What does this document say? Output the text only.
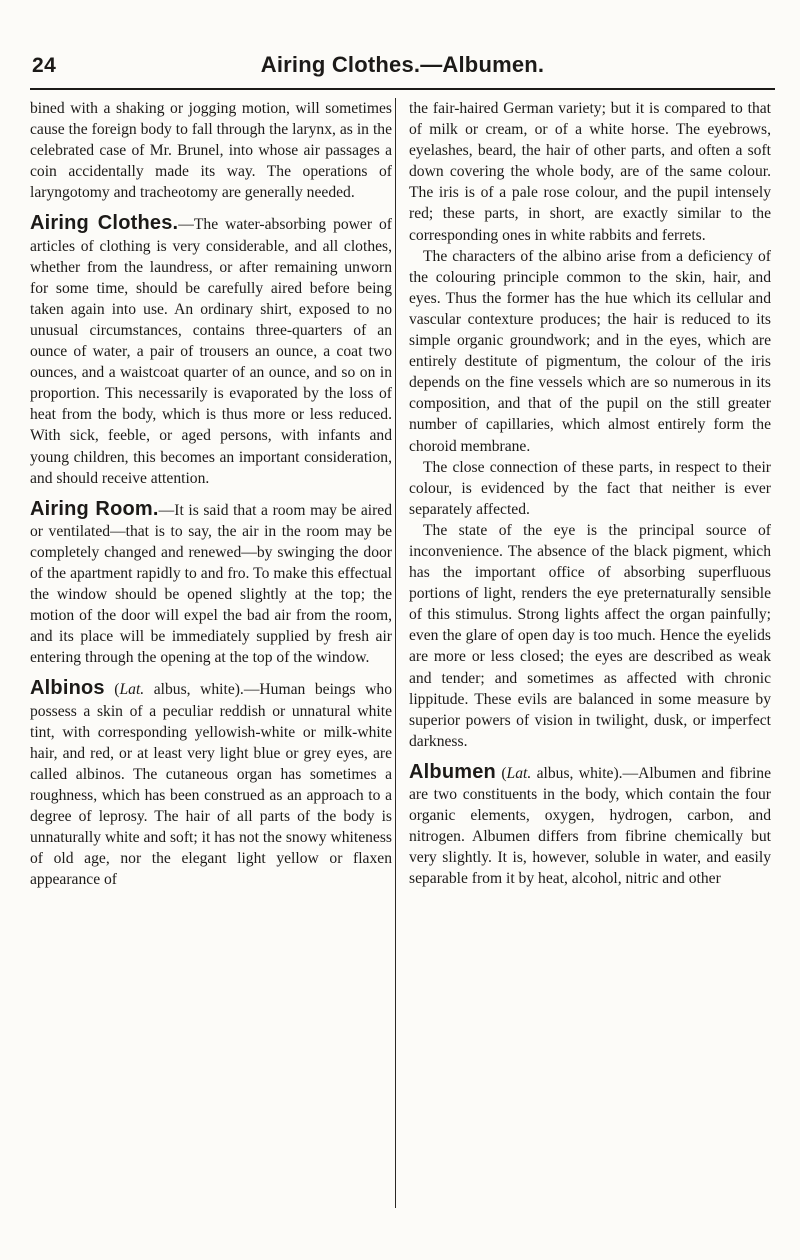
24	Airing Clothes.—Albumen.

bined with a shaking or jogging motion, will sometimes cause the foreign body to fall through the larynx, as in the celebrated case of Mr. Brunel, into whose air passages a coin accidentally made its way. The operations of laryngotomy and tracheotomy are generally needed.

Airing Clothes.—The water-absorbing power of articles of clothing is very considerable, and all clothes, whether from the laundress, or after remaining unworn for some time, should be carefully aired before being taken again into use. An ordinary shirt, exposed to no unusual circumstances, contains three-quarters of an ounce of water, a pair of trousers an ounce, a coat two ounces, and a waistcoat quarter of an ounce, and so on in proportion. This necessarily is evaporated by the loss of heat from the body, which is thus more or less reduced. With sick, feeble, or aged persons, with infants and young children, this becomes an important consideration, and should receive attention.

Airing Room.—It is said that a room may be aired or ventilated—that is to say, the air in the room may be completely changed and renewed—by swinging the door of the apartment rapidly to and fro. To make this effectual the window should be opened slightly at the top; the motion of the door will expel the bad air from the room, and its place will be immediately supplied by fresh air entering through the opening at the top of the window.

Albinos (Lat. albus, white).—Human beings who possess a skin of a peculiar reddish or unnatural white tint, with corresponding yellowish-white or milk-white hair, and red, or at least very light blue or grey eyes, are called albinos. The cutaneous organ has sometimes a roughness, which has been construed as an approach to a degree of leprosy. The hair of all parts of the body is unnaturally white and soft; it has not the snowy whiteness of old age, nor the elegant light yellow or flaxen appearance of

the fair-haired German variety; but it is compared to that of milk or cream, or of a white horse. The eyebrows, eyelashes, beard, the hair of other parts, and often a soft down covering the whole body, are of the same colour. The iris is of a pale rose colour, and the pupil intensely red; these parts, in short, are exactly similar to the corresponding ones in white rabbits and ferrets.

The characters of the albino arise from a deficiency of the colouring principle common to the skin, hair, and eyes. Thus the former has the hue which its cellular and vascular contexture produces; the hair is reduced to its simple organic groundwork; and in the eyes, which are entirely destitute of pigmentum, the colour of the iris depends on the fine vessels which are so numerous in its composition, and that of the pupil on the still greater number of capillaries, which almost entirely form the choroid membrane.

The close connection of these parts, in respect to their colour, is evidenced by the fact that neither is ever separately affected.

The state of the eye is the principal source of inconvenience. The absence of the black pigment, which has the important office of absorbing superfluous portions of light, renders the eye preternaturally sensible of this stimulus. Strong lights affect the organ painfully; even the glare of open day is too much. Hence the eyelids are more or less closed; the eyes are described as weak and tender; and sometimes as affected with chronic lippitude. These evils are balanced in some measure by superior powers of vision in twilight, dusk, or imperfect darkness.

Albumen (Lat. albus, white).—Albumen and fibrine are two constituents in the body, which contain the four organic elements, oxygen, hydrogen, carbon, and nitrogen. Albumen differs from fibrine chemically but very slightly. It is, however, soluble in water, and easily separable from it by heat, alcohol, nitric and other
